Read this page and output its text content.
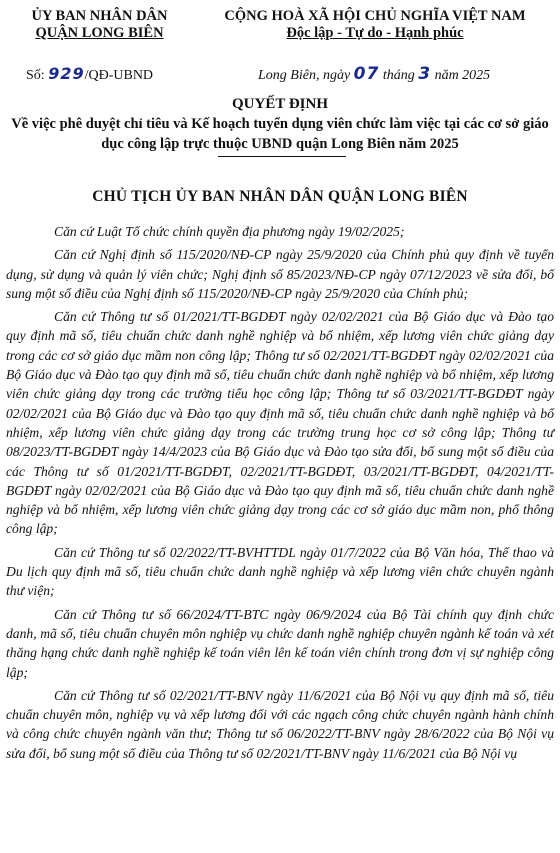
ỦY BAN NHÂN DÂN
QUẬN LONG BIÊN
CỘNG HOÀ XÃ HỘI CHỦ NGHĨA VIỆT NAM
Độc lập - Tự do - Hạnh phúc
Số: 929/QĐ-UBND	Long Biên, ngày 07 tháng 3 năm 2025
QUYẾT ĐỊNH
Về việc phê duyệt chỉ tiêu và Kế hoạch tuyển dụng viên chức làm việc tại các cơ sở giáo dục công lập trực thuộc UBND quận Long Biên năm 2025
CHỦ TỊCH ỦY BAN NHÂN DÂN QUẬN LONG BIÊN

Căn cứ Luật Tổ chức chính quyền địa phương ngày 19/02/2025;

Căn cứ Nghị định số 115/2020/NĐ-CP ngày 25/9/2020 của Chính phủ quy định về tuyển dụng, sử dụng và quản lý viên chức; Nghị định số 85/2023/NĐ-CP ngày 07/12/2023 về sửa đổi, bổ sung một số điều của Nghị định số 115/2020/NĐ-CP ngày 25/9/2020 của Chính phủ;

Căn cứ Thông tư số 01/2021/TT-BGDĐT ngày 02/02/2021 của Bộ Giáo dục và Đào tạo quy định mã số, tiêu chuẩn chức danh nghề nghiệp và bổ nhiệm, xếp lương viên chức giảng dạy trong các cơ sở giáo dục mầm non công lập; Thông tư số 02/2021/TT-BGDĐT ngày 02/02/2021 của Bộ Giáo dục và Đào tạo quy định mã số, tiêu chuẩn chức danh nghề nghiệp và bổ nhiệm, xếp lương viên chức giảng dạy trong các trường tiểu học công lập; Thông tư số 03/2021/TT-BGDĐT ngày 02/02/2021 của Bộ Giáo dục và Đào tạo quy định mã số, tiêu chuẩn chức danh nghề nghiệp và bổ nhiệm, xếp lương viên chức giảng dạy trong các trường trung học cơ sở công lập; Thông tư 08/2023/TT-BGDĐT ngày 14/4/2023 của Bộ Giáo dục và Đào tạo sửa đổi, bổ sung một số điều của các Thông tư số 01/2021/TT-BGDĐT, 02/2021/TT-BGDĐT, 03/2021/TT-BGDĐT, 04/2021/TT-BGDĐT ngày 02/02/2021 của Bộ Giáo dục và Đào tạo quy định mã số, tiêu chuẩn chức danh nghề nghiệp và bổ nhiệm, xếp lương viên chức giảng dạy trong các cơ sở giáo dục mầm non, phổ thông công lập;

Căn cứ Thông tư số 02/2022/TT-BVHTTDL ngày 01/7/2022 của Bộ Văn hóa, Thể thao và Du lịch quy định mã số, tiêu chuẩn chức danh nghề nghiệp và xếp lương viên chức chuyên ngành thư viện;

Căn cứ Thông tư số 66/2024/TT-BTC ngày 06/9/2024 của Bộ Tài chính quy định chức danh, mã số, tiêu chuẩn chuyên môn nghiệp vụ chức danh nghề nghiệp chuyên ngành kế toán và xét thăng hạng chức danh nghề nghiệp kế toán viên lên kế toán viên chính trong đơn vị sự nghiệp công lập;

Căn cứ Thông tư số 02/2021/TT-BNV ngày 11/6/2021 của Bộ Nội vụ quy định mã số, tiêu chuẩn chuyên môn, nghiệp vụ và xếp lương đối với các ngạch công chức chuyên ngành hành chính và công chức chuyên ngành văn thư; Thông tư số 06/2022/TT-BNV ngày 28/6/2022 của Bộ Nội vụ sửa đổi, bổ sung một số điều của Thông tư số 02/2021/TT-BNV ngày 11/6/2021 của Bộ Nội vụ
